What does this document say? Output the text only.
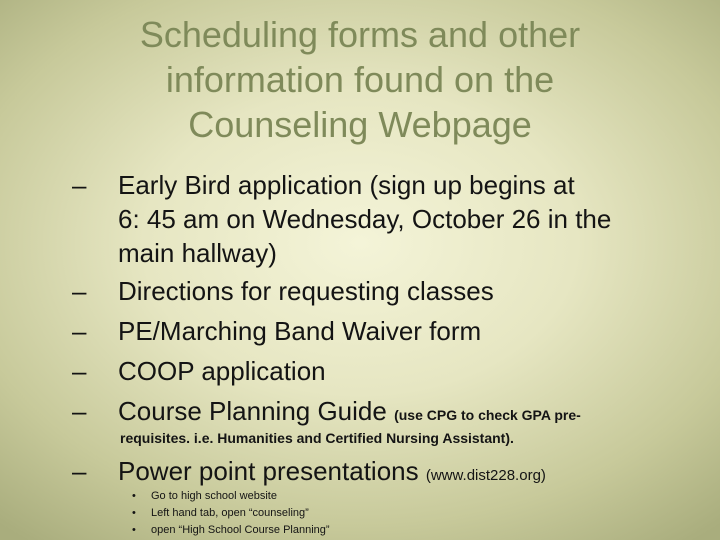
Scheduling forms and other
information found on the
Counseling Webpage
– Early Bird application (sign up begins at
6: 45 am on Wednesday, October 26 in the
main hallway)
– Directions for requesting classes
– PE/Marching Band Waiver form
– COOP application
– Course Planning Guide (use CPG to check GPA pre-
requisites. i.e. Humanities and Certified Nursing Assistant).
– Power point presentations (www.dist228.org)
• Go to high school website
• Left hand tab, open “counseling”
• open “High School Course Planning”
